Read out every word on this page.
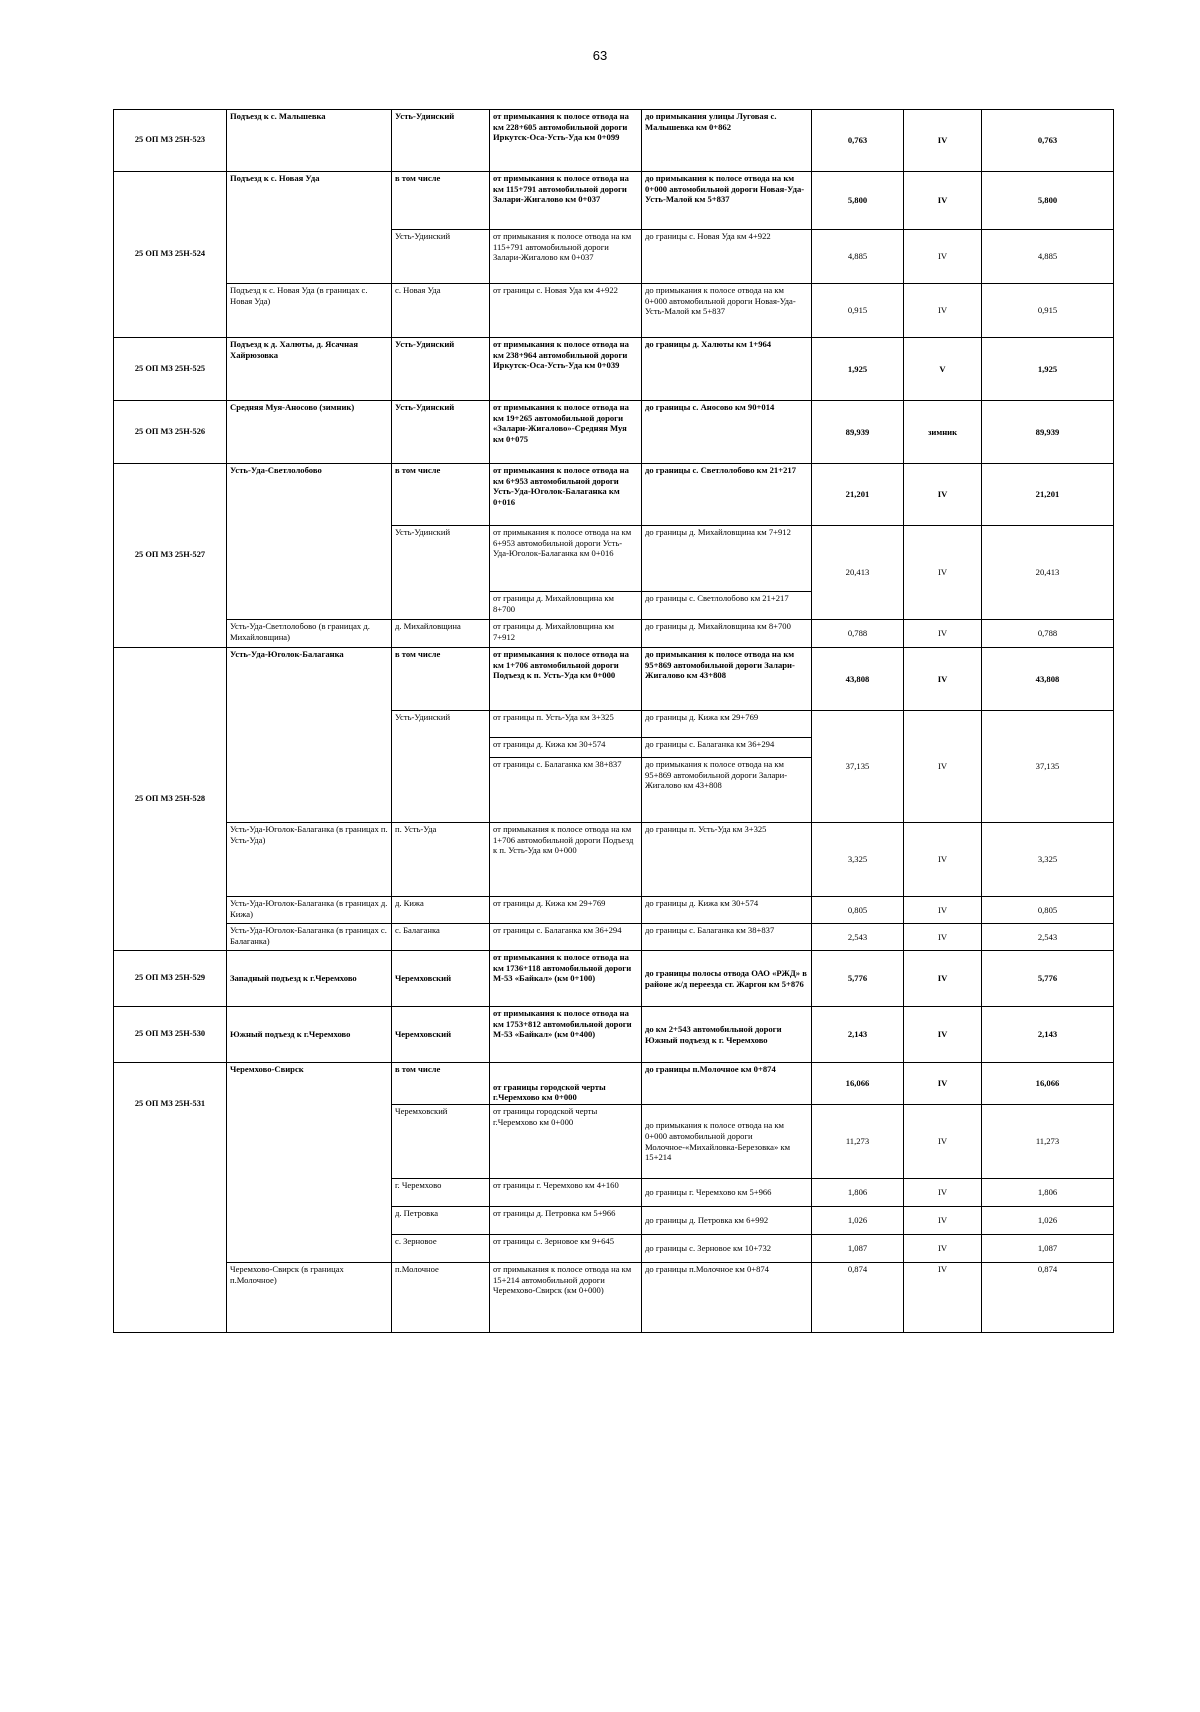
63
25 ОП МЗ 25Н-523	Подъезд к с. Мальшевка	Усть-Удинский	от примыкания к полосе отвода на км 228+605 автомобильной дороги Иркутск-Оса-Усть-Уда км 0+099	до примыкания улицы Луговая с. Малышевка км 0+862	0,763	IV	0,763
25 ОП МЗ 25Н-524	Подъезд к с. Новая Уда	в том числе	от примыкания к полосе отвода на км 115+791 автомобильной дороги Залари-Жигалово км 0+037	до примыкания к полосе отвода на км 0+000 автомобильной дороги Новая-Уда-Усть-Малой км 5+837	5,800	IV	5,800
		Усть-Удинский	от примыкания к полосе отвода на км 115+791 автомобильной дороги Залари-Жигалово км 0+037	до границы с. Новая Уда км 4+922	4,885	IV	4,885
	Подъезд к с. Новая Уда (в границах с. Новая Уда)	с. Новая Уда	от границы с. Новая Уда км 4+922	до примыкания к полосе отвода на км 0+000 автомобильной дороги Новая-Уда-Усть-Малой км 5+837	0,915	IV	0,915
25 ОП МЗ 25Н-525	Подъезд к д. Халюты, д. Ясачная Хайрюзовка	Усть-Удинский	от примыкания к полосе отвода на км 238+964 автомобильной дороги Иркутск-Оса-Усть-Уда км 0+039	до границы д. Халюты км 1+964	1,925	V	1,925
25 ОП МЗ 25Н-526	Средняя Муя-Аносово (зимник)	Усть-Удинский	от примыкания к полосе отвода на км 19+265 автомобильной дороги «Залари-Жигалово»-Средняя Муя км 0+075	до границы с. Аносово км 90+014	89,939	зимник	89,939
25 ОП МЗ 25Н-527	Усть-Уда-Светлолобово	в том числе	от примыкания к полосе отвода на км 6+953 автомобильной дороги Усть-Уда-Юголок-Балаганка км 0+016	до границы с. Светлолобово км 21+217	21,201	IV	21,201
		Усть-Удинский	от примыкания к полосе отвода на км 6+953 автомобильной дороги Усть-Уда-Юголок-Балаганка км 0+016	до границы д. Михайловщина км 7+912	20,413	IV	20,413
			от границы д. Михайловщина км 8+700	до границы с. Светлолобово км 21+217			
	Усть-Уда-Светлолобово (в границах д. Михайловщина)	д. Михайловщина	от границы д. Михайловщина км 7+912	до границы д. Михайловщина км 8+700	0,788	IV	0,788
25 ОП МЗ 25Н-528	Усть-Уда-Юголок-Балаганка	в том числе	от примыкания к полосе отвода на км 1+706 автомобильной дороги Подъезд к п. Усть-Уда км 0+000	до примыкания к полосе отвода на км 95+869 автомобильной дороги Залари-Жигалово км 43+808	43,808	IV	43,808
		Усть-Удинский	от границы п. Усть-Уда км 3+325	до границы д. Кижа км 29+769	37,135	IV	37,135
			от границы д. Кижа км 30+574	до границы с. Балаганка км 36+294			
			от границы с. Балаганка км 38+837	до примыкания к полосе отвода на км 95+869 автомобильной дороги Залари-Жигалово км 43+808			
	Усть-Уда-Юголок-Балаганка (в границах п. Усть-Уда)	п. Усть-Уда	от примыкания к полосе отвода на км 1+706 автомобильной дороги Подъезд к п. Усть-Уда км 0+000	до границы п. Усть-Уда км 3+325	3,325	IV	3,325
	Усть-Уда-Юголок-Балаганка (в границах д. Кижа)	д. Кижа	от границы д. Кижа км 29+769	до границы д. Кижа км 30+574	0,805	IV	0,805
	Усть-Уда-Юголок-Балаганка (в границах с. Балаганка)	с. Балаганка	от границы с. Балаганка км 36+294	до границы с. Балаганка км 38+837	2,543	IV	2,543
25 ОП МЗ 25Н-529	Западный подъезд к г.Черемхово	Черемховский	от примыкания к полосе отвода на км 1736+118 автомобильной дороги М-53 «Байкал» (км 0+100)	до границы полосы отвода ОАО «РЖД» в районе ж/д переезда ст. Жаргон км 5+876	5,776	IV	5,776
25 ОП МЗ 25Н-530	Южный подъезд к г.Черемхово	Черемховский	от примыкания к полосе отвода на км 1753+812 автомобильной дороги М-53 «Байкал» (км 0+400)	до км 2+543 автомобильной дороги Южный подъезд к г. Черемхово	2,143	IV	2,143
25 ОП МЗ 25Н-531	Черемхово-Свирск	в том числе	от границы городской черты г.Черемхово км 0+000	до границы п.Молочное км 0+874	16,066	IV	16,066
		Черемховский	от границы городской черты г.Черемхово км 0+000	до примыкания к полосе отвода на км 0+000 автомобильной дороги Молочное-«Михайловка-Березовка» км 15+214	11,273	IV	11,273
		г. Черемхово	от границы г. Черемхово км 4+160	до границы г. Черемхово км 5+966	1,806	IV	1,806
		д. Петровка	от границы д. Петровка км 5+966	до границы д. Петровка км 6+992	1,026	IV	1,026
		с. Зерновое	от границы с. Зерновое км 9+645	до границы с. Зерновое км 10+732	1,087	IV	1,087
	Черемхово-Свирск (в границах п.Молочное)	п.Молочное	от примыкания к полосе отвода на км 15+214 автомобильной дороги Черемхово-Свирск (км 0+000)	до границы п.Молочное км 0+874	0,874	IV	0,874
